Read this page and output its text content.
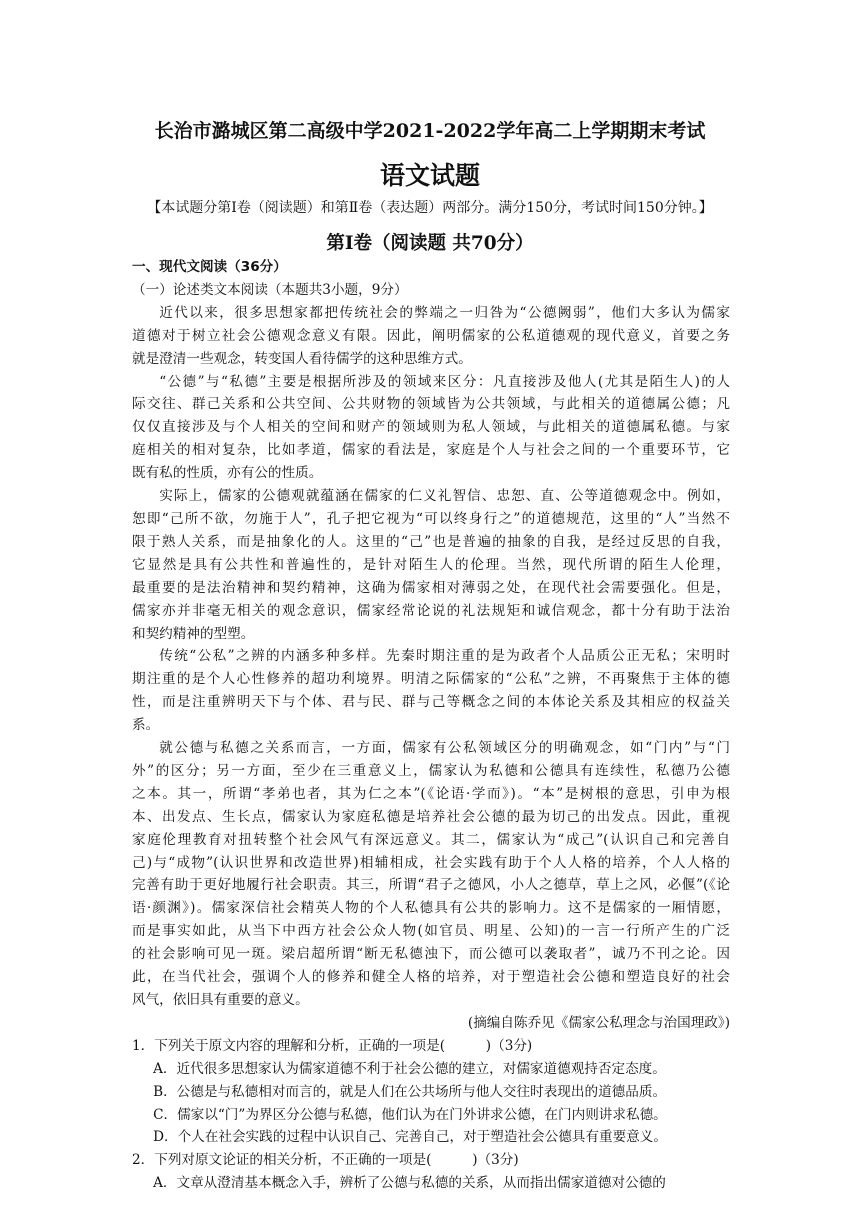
长治市潞城区第二高级中学2021-2022学年高二上学期期末考试
语文试题

【本试题分第Ⅰ卷（阅读题）和第Ⅱ卷（表达题）两部分。满分150分，考试时间150分钟。】

第Ⅰ卷（阅读题 共70分）

一、现代文阅读（36分）

（一）论述类文本阅读（本题共3小题，9分）

近代以来，很多思想家都把传统社会的弊端之一归咎为“公德阙弱”，他们大多认为儒家

道德对于树立社会公德观念意义有限。因此，阐明儒家的公私道德观的现代意义，首要之务

就是澄清一些观念，转变国人看待儒学的这种思维方式。

“公德”与“私德”主要是根据所涉及的领域来区分：凡直接涉及他人(尤其是陌生人)的人

际交往、群己关系和公共空间、公共财物的领域皆为公共领域，与此相关的道德属公德；凡

仅仅直接涉及与个人相关的空间和财产的领域则为私人领域，与此相关的道德属私德。与家

庭相关的相对复杂，比如孝道，儒家的看法是，家庭是个人与社会之间的一个重要环节，它

既有私的性质，亦有公的性质。

实际上，儒家的公德观就蕴涵在儒家的仁义礼智信、忠恕、直、公等道德观念中。例如，

恕即“己所不欲，勿施于人”，孔子把它视为“可以终身行之”的道德规范，这里的“人”当然不

限于熟人关系，而是抽象化的人。这里的“己”也是普遍的抽象的自我，是经过反思的自我，

它显然是具有公共性和普遍性的，是针对陌生人的伦理。当然，现代所谓的陌生人伦理，

最重要的是法治精神和契约精神，这确为儒家相对薄弱之处，在现代社会需要强化。但是，

儒家亦并非毫无相关的观念意识，儒家经常论说的礼法规矩和诚信观念，都十分有助于法治

和契约精神的型塑。

传统“公私”之辨的内涵多种多样。先秦时期注重的是为政者个人品质公正无私；宋明时

期注重的是个人心性修养的超功利境界。明清之际儒家的“公私”之辨，不再聚焦于主体的德

性，而是注重辨明天下与个体、君与民、群与己等概念之间的本体论关系及其相应的权益关

系。

就公德与私德之关系而言，一方面，儒家有公私领域区分的明确观念，如“门内”与“门

外”的区分；另一方面，至少在三重意义上，儒家认为私德和公德具有连续性，私德乃公德

之本。其一，所谓“孝弟也者，其为仁之本”(《论语·学而》)。“本”是树根的意思，引申为根

本、出发点、生长点，儒家认为家庭私德是培养社会公德的最为切己的出发点。因此，重视

家庭伦理教育对扭转整个社会风气有深远意义。其二，儒家认为“成己”(认识自己和完善自

己)与“成物”(认识世界和改造世界)相辅相成，社会实践有助于个人人格的培养，个人人格的

完善有助于更好地履行社会职责。其三，所谓“君子之德风，小人之德草，草上之风，必偃”(《论

语·颜渊》)。儒家深信社会精英人物的个人私德具有公共的影响力。这不是儒家的一厢情愿，

而是事实如此，从当下中西方社会公众人物(如官员、明星、公知)的一言一行所产生的广泛

的社会影响可见一斑。梁启超所谓“断无私德浊下，而公德可以袭取者”，诚乃不刊之论。因

此，在当代社会，强调个人的修养和健全人格的培养，对于塑造社会公德和塑造良好的社会

风气，依旧具有重要的意义。

(摘编自陈乔见《儒家公私理念与治国理政》)

1．下列关于原文内容的理解和分析，正确的一项是(　　　)（3分)

A．近代很多思想家认为儒家道德不利于社会公德的建立，对儒家道德观持否定态度。

B．公德是与私德相对而言的，就是人们在公共场所与他人交往时表现出的道德品质。

C．儒家以“门”为界区分公德与私德，他们认为在门外讲求公德，在门内则讲求私德。

D．个人在社会实践的过程中认识自己、完善自己，对于塑造社会公德具有重要意义。

2．下列对原文论证的相关分析，不正确的一项是(　　　)（3分)

A．文章从澄清基本概念入手，辨析了公德与私德的关系，从而指出儒家道德对公德的
